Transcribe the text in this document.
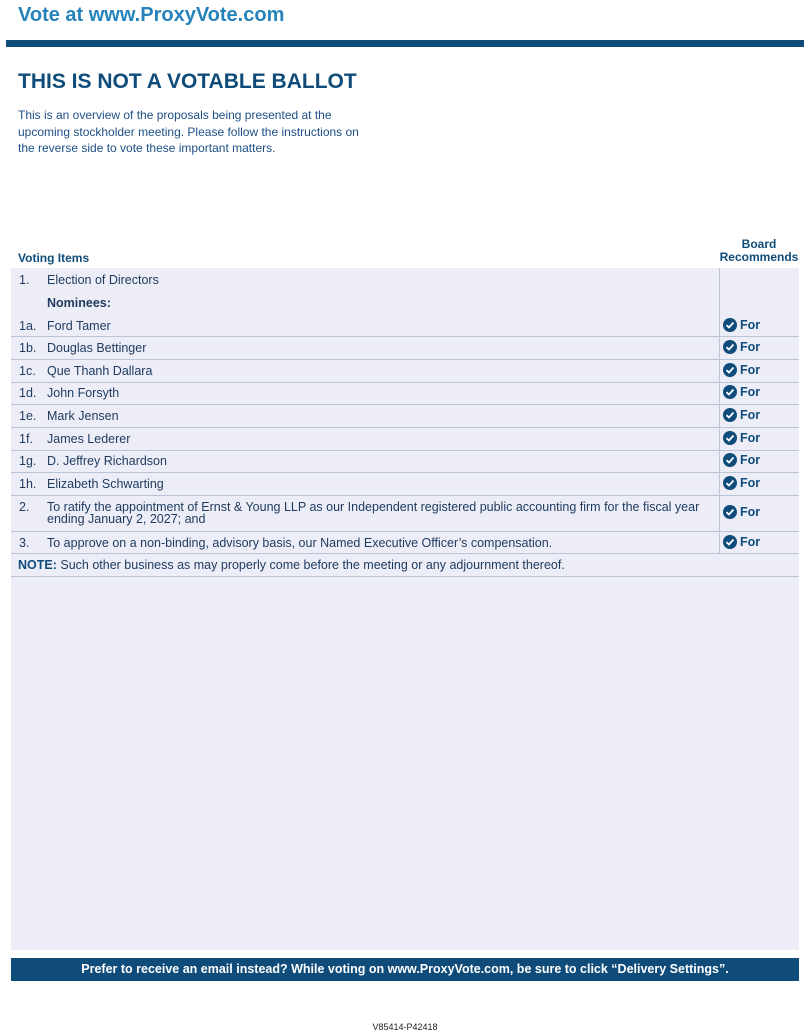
Vote at www.ProxyVote.com
THIS IS NOT A VOTABLE BALLOT
This is an overview of the proposals being presented at the
upcoming stockholder meeting. Please follow the instructions on
the reverse side to vote these important matters.
Voting Items
Board
Recommends
1. Election of Directors
Nominees:
1a. Ford Tamer	For
1b. Douglas Bettinger	For
1c. Que Thanh Dallara	For
1d. John Forsyth	For
1e. Mark Jensen	For
1f. James Lederer	For
1g. D. Jeffrey Richardson	For
1h. Elizabeth Schwarting	For
2. To ratify the appointment of Ernst & Young LLP as our Independent registered public accounting firm for the fiscal year
ending January 2, 2027; and	For
3. To approve on a non-binding, advisory basis, our Named Executive Officer’s compensation.	For
NOTE: Such other business as may properly come before the meeting or any adjournment thereof.
Prefer to receive an email instead? While voting on www.ProxyVote.com, be sure to click “Delivery Settings”.
V85414-P42418
